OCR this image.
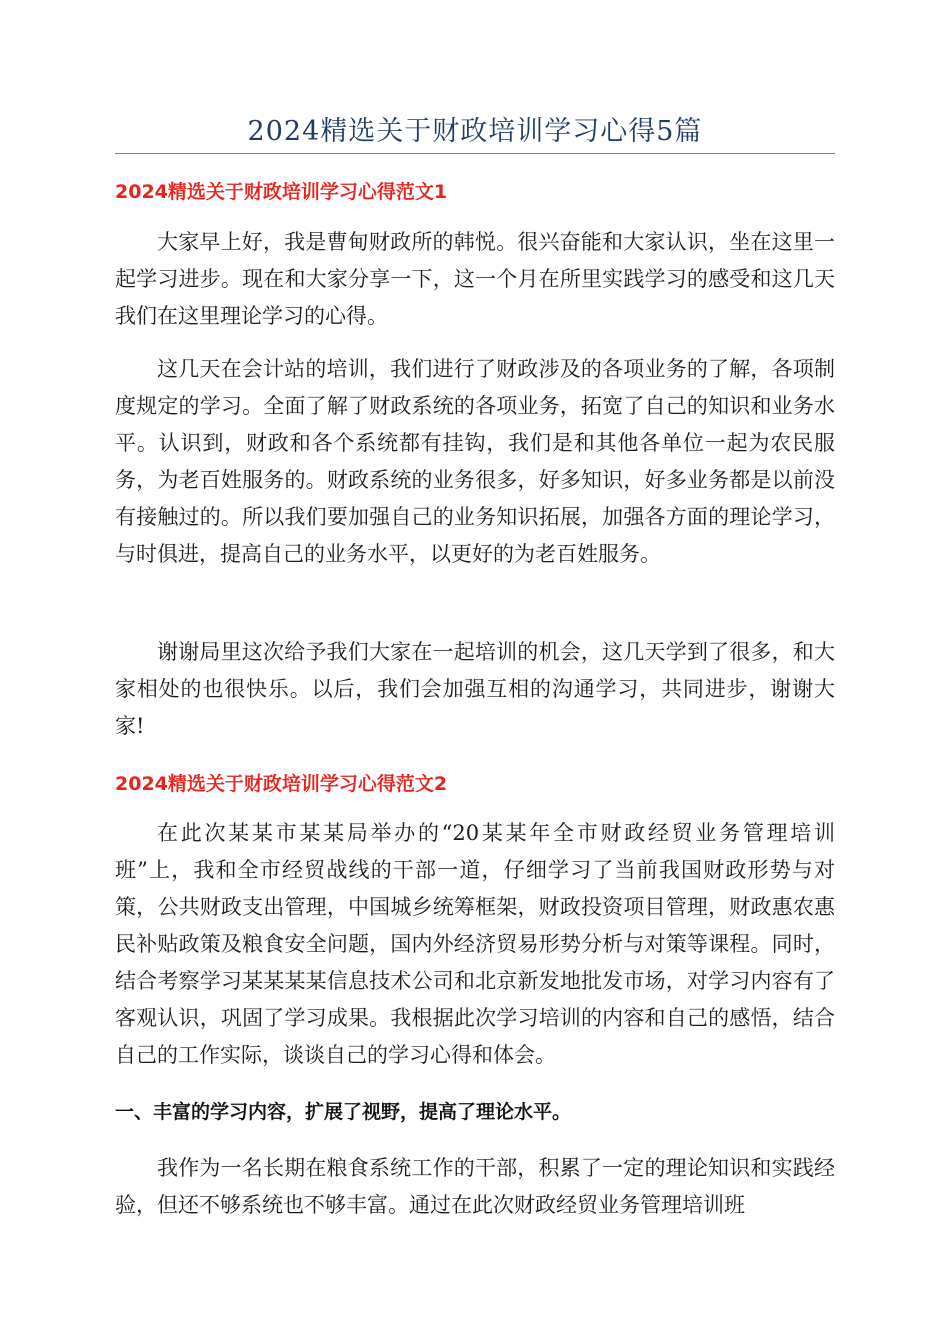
2024精选关于财政培训学习心得5篇
2024精选关于财政培训学习心得范文1

大家早上好，我是曹甸财政所的韩悦。很兴奋能和大家认识，坐在这里一起学习进步。现在和大家分享一下，这一个月在所里实践学习的感受和这几天我们在这里理论学习的心得。

这几天在会计站的培训，我们进行了财政涉及的各项业务的了解，各项制度规定的学习。全面了解了财政系统的各项业务，拓宽了自己的知识和业务水平。认识到，财政和各个系统都有挂钩，我们是和其他各单位一起为农民服务，为老百姓服务的。财政系统的业务很多，好多知识，好多业务都是以前没有接触过的。所以我们要加强自己的业务知识拓展，加强各方面的理论学习，与时俱进，提高自己的业务水平，以更好的为老百姓服务。

谢谢局里这次给予我们大家在一起培训的机会，这几天学到了很多，和大家相处的也很快乐。以后，我们会加强互相的沟通学习，共同进步，谢谢大家!

2024精选关于财政培训学习心得范文2

在此次某某市某某局举办的“20某某年全市财政经贸业务管理培训班”上，我和全市经贸战线的干部一道，仔细学习了当前我国财政形势与对策，公共财政支出管理，中国城乡统筹框架，财政投资项目管理，财政惠农惠民补贴政策及粮食安全问题，国内外经济贸易形势分析与对策等课程。同时，结合考察学习某某某某信息技术公司和北京新发地批发市场，对学习内容有了客观认识，巩固了学习成果。我根据此次学习培训的内容和自己的感悟，结合自己的工作实际，谈谈自己的学习心得和体会。

一、丰富的学习内容，扩展了视野，提高了理论水平。

我作为一名长期在粮食系统工作的干部，积累了一定的理论知识和实践经验，但还不够系统也不够丰富。通过在此次财政经贸业务管理培训班
